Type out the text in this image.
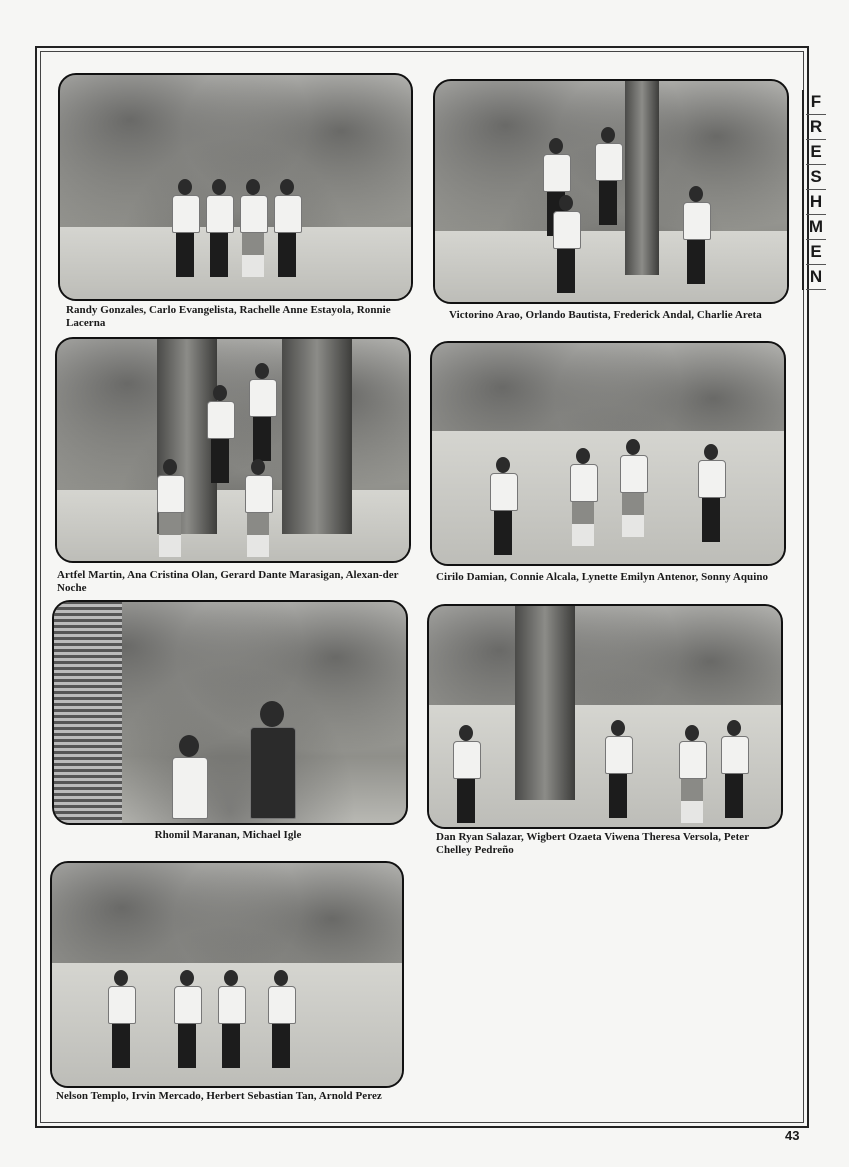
F
R
E
S
H
M
E
N
Randy Gonzales, Carlo Evangelista, Rachelle Anne Estayola, Ronnie Lacerna
Victorino Arao, Orlando Bautista, Frederick Andal, Charlie Areta
Artfel Martin, Ana Cristina Olan, Gerard Dante Marasigan, Alexan-der Noche
Cirilo Damian, Connie Alcala, Lynette Emilyn Antenor, Sonny Aquino
Rhomil Maranan, Michael Igle	Dan Ryan Salazar, Wigbert Ozaeta Viwena Theresa Versola, Peter Chelley Pedreño
Nelson Templo, Irvin Mercado, Herbert Sebastian Tan, Arnold Perez
43
